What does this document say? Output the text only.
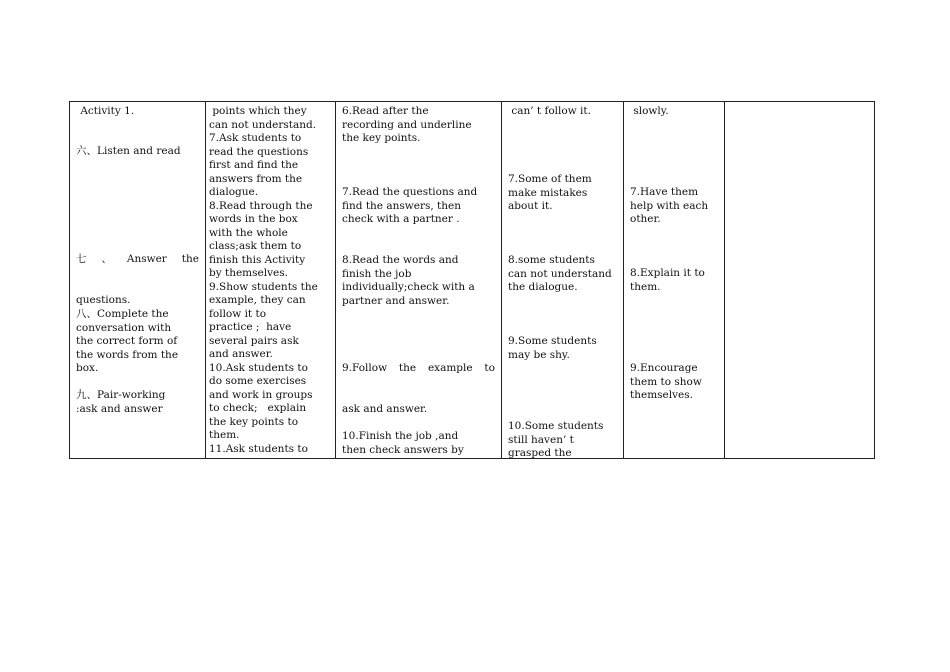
Activity 1.
六、Listen and read

七 、 Answer the

questions.

八、Complete the
conversation with
the correct form of
the words from the
box.
九、Pair-working
:ask and answer
points which they
can not understand.
7.Ask students to
read the questions
first and find the
answers from the
dialogue.
8.Read through the
words in the box
with the whole
class;ask them to
finish this Activity
by themselves.
9.Show students the
example, they can
follow it to
practice ;  have
several pairs ask
and answer.
10.Ask students to
do some exercises
and work in groups
to check;   explain
the key points to
them.
11.Ask students to
6.Read after the
recording and underline
the key points.
7.Read the questions and
find the answers, then
check with a partner .
8.Read the words and
finish the job
individually;check with a
partner and answer.

9.Follow the example to

ask and answer.

10.Finish the job ,and
then check answers by
can’ t follow it.
7.Some of them
make mistakes
about it.
8.some students
can not understand
the dialogue.
9.Some students
may be shy.
10.Some students
still haven’ t
grasped the
slowly.
7.Have them
help with each
other.
8.Explain it to
them.
9.Encourage
them to show
themselves.
